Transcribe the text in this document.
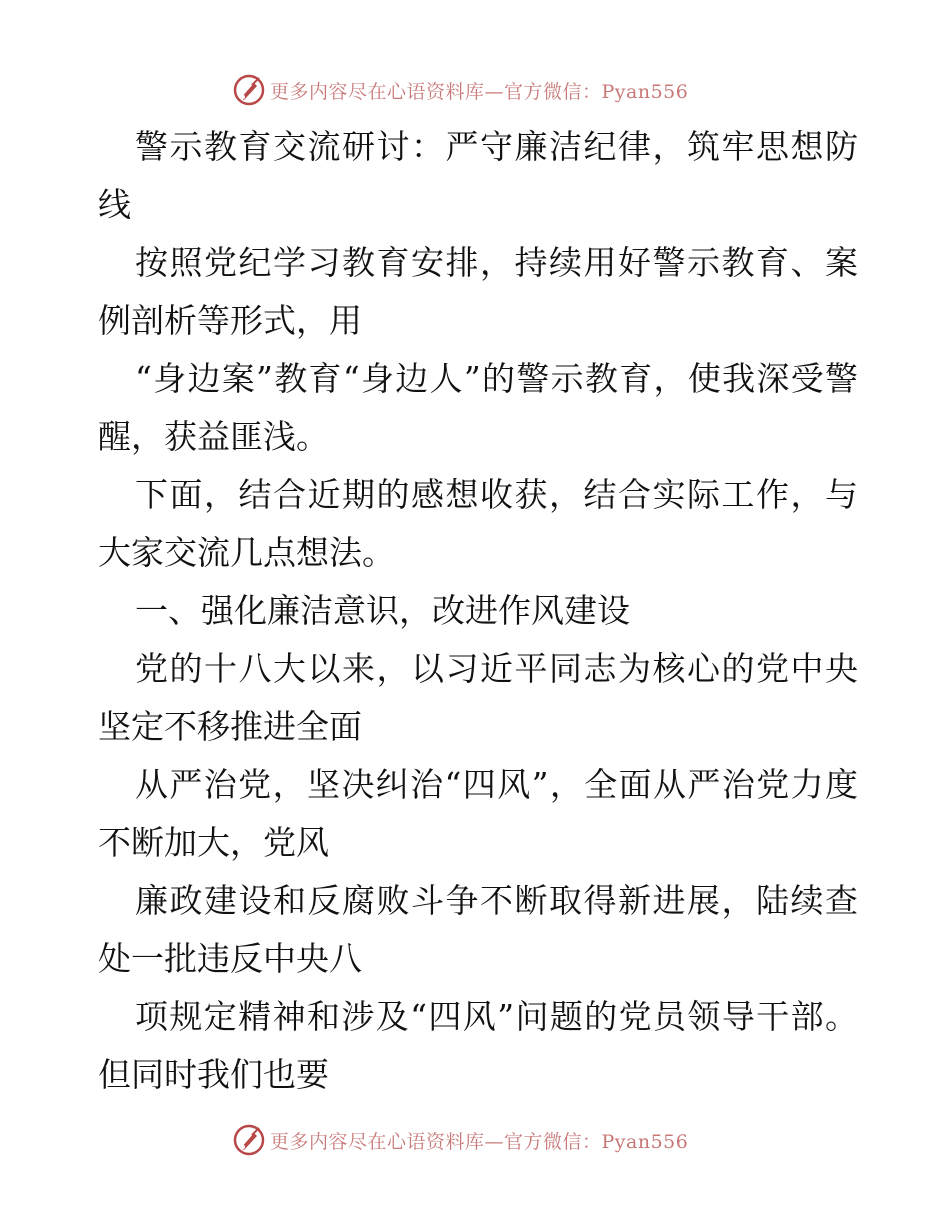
更多内容尽在心语资料库—官方微信：Pyan556

警示教育交流研讨：严守廉洁纪律，筑牢思想防线

按照党纪学习教育安排，持续用好警示教育、案例剖析等形式，用

“身边案”教育“身边人”的警示教育，使我深受警醒，获益匪浅。

下面，结合近期的感想收获，结合实际工作，与大家交流几点想法。

一、强化廉洁意识，改进作风建设

党的十八大以来，以习近平同志为核心的党中央坚定不移推进全面

从严治党，坚决纠治“四风”，全面从严治党力度不断加大，党风

廉政建设和反腐败斗争不断取得新进展，陆续查处一批违反中央八

项规定精神和涉及“四风”问题的党员领导干部。但同时我们也要

更多内容尽在心语资料库—官方微信：Pyan556
